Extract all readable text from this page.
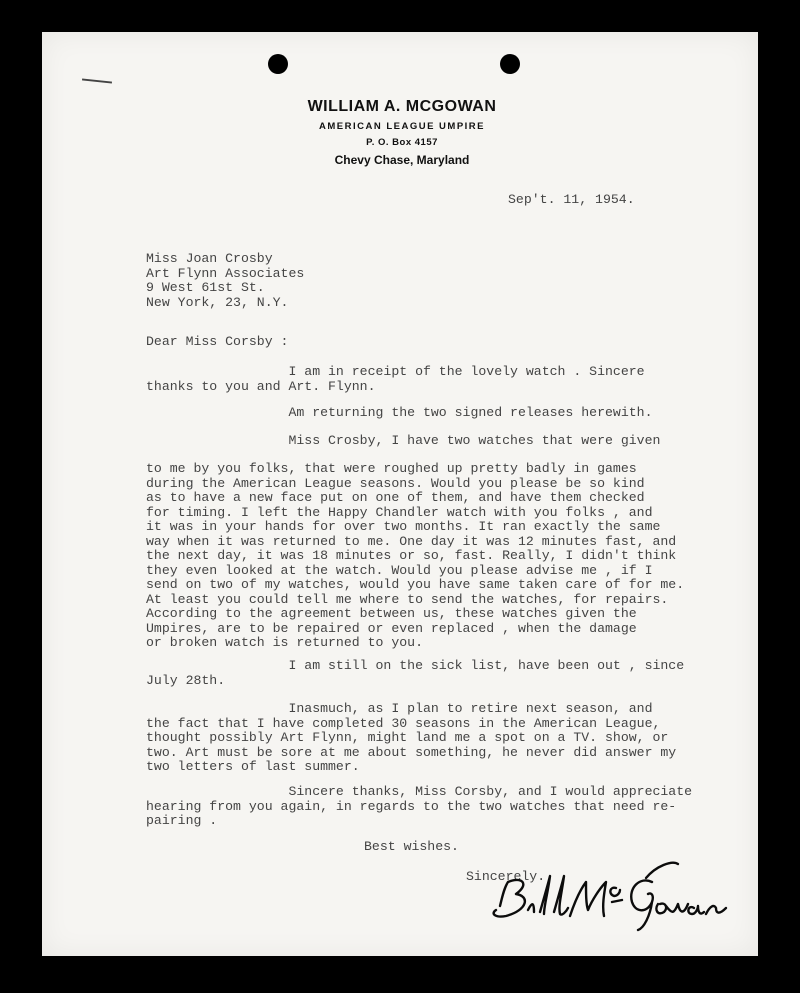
WILLIAM A. MCGOWAN
AMERICAN LEAGUE UMPIRE
P. O. Box 4157
Chevy Chase, Maryland
Sep't. 11, 1954.
Miss Joan Crosby
Art Flynn Associates
9 West 61st St.
New York, 23, N.Y.
Dear Miss Corsby :
I am in receipt of the lovely watch . Sincere
thanks to you and Art. Flynn.
Am returning the two signed releases herewith.
Miss Crosby, I have two watches that were given
to me by you folks, that were roughed up pretty badly in games
during the American League seasons. Would you please be so kind
as to have a new face put on one of them, and have them checked
for timing. I left the Happy Chandler watch with you folks , and
it was in your hands for over two months. It ran exactly the same
way when it was returned to me. One day it was 12 minutes fast, and
the next day, it was 18 minutes or so, fast. Really, I didn't think
they even looked at the watch. Would you please advise me , if I
send on two of my watches, would you have same taken care of for me.
At least you could tell me where to send the watches, for repairs.
According to the agreement between us, these watches given the
Umpires, are to be repaired or even replaced , when the damage
or broken watch is returned to you.
I am still on the sick list, have been out , since
July 28th.
Inasmuch, as I plan to retire next season, and
the fact that I have completed 30 seasons in the American League,
thought possibly Art Flynn, might land me a spot on a TV. show, or
two. Art must be sore at me about something, he never did answer my
two letters of last summer.
Sincere thanks, Miss Corsby, and I would appreciate
hearing from you again, in regards to the two watches that need re-
pairing .
Best wishes.
Sincerely.
